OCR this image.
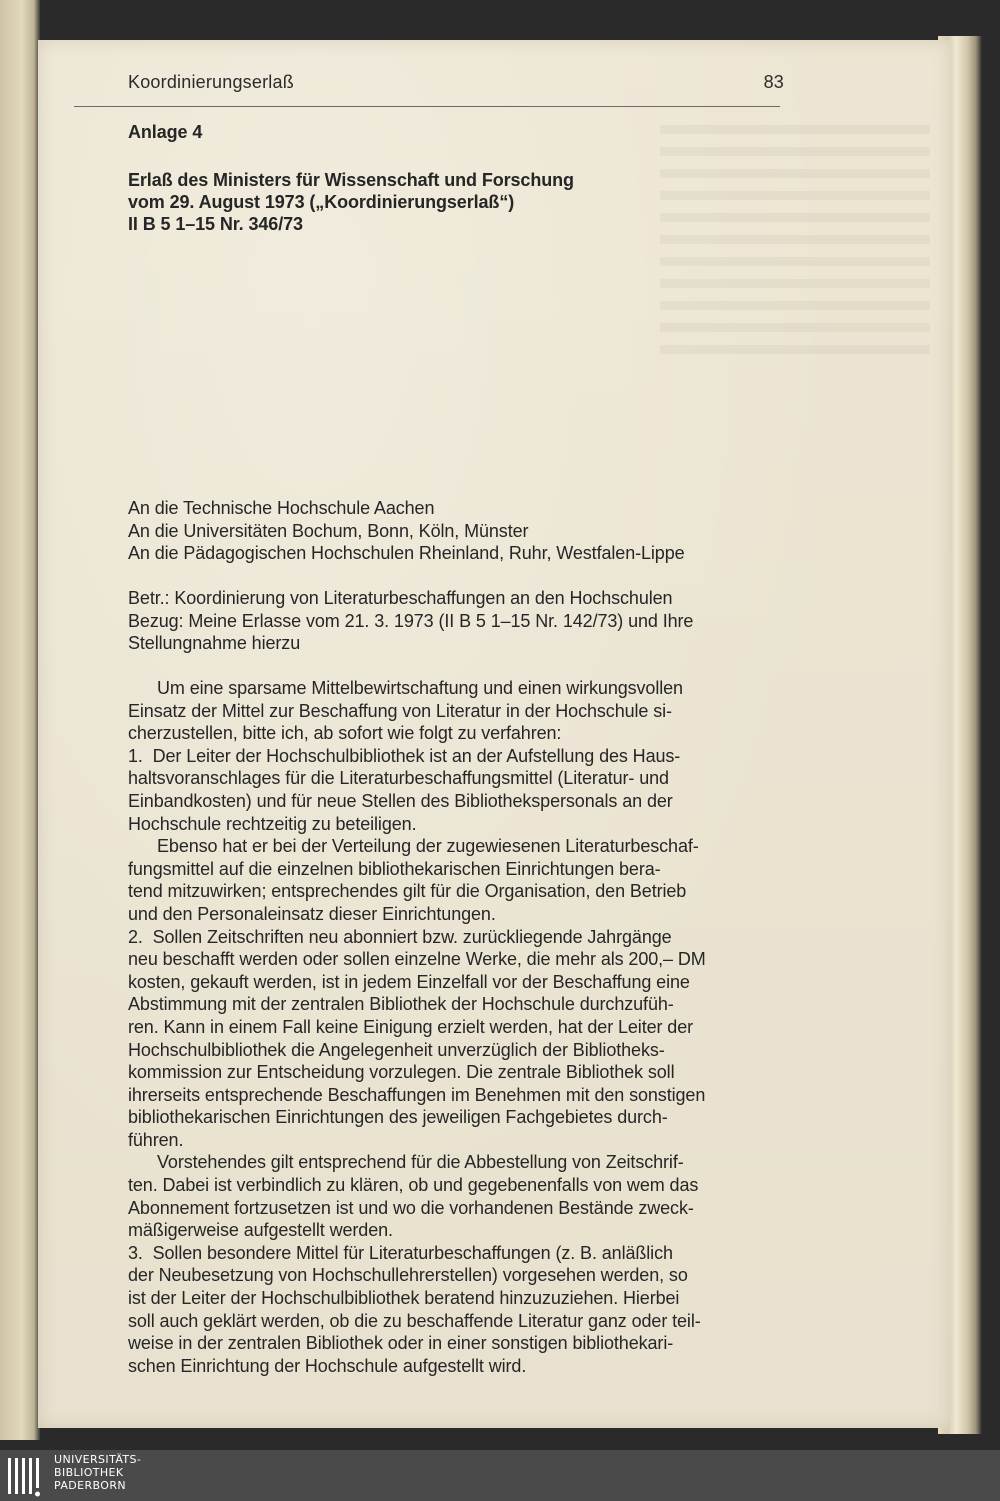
Koordinierungserlaß	83
Anlage 4
Erlaß des Ministers für Wissenschaft und Forschung
vom 29. August 1973 („Koordinierungserlaß“)
II B 5 1–15 Nr. 346/73
An die Technische Hochschule Aachen
An die Universitäten Bochum, Bonn, Köln, Münster
An die Pädagogischen Hochschulen Rheinland, Ruhr, Westfalen-Lippe
Betr.: Koordinierung von Literaturbeschaffungen an den Hochschulen
Bezug: Meine Erlasse vom 21. 3. 1973 (II B 5 1–15 Nr. 142/73) und Ihre
Stellungnahme hierzu
Um eine sparsame Mittelbewirtschaftung und einen wirkungsvollen
Einsatz der Mittel zur Beschaffung von Literatur in der Hochschule si-
cherzustellen, bitte ich, ab sofort wie folgt zu verfahren:
1.  Der Leiter der Hochschulbibliothek ist an der Aufstellung des Haus-
haltsvoranschlages für die Literaturbeschaffungsmittel (Literatur- und
Einbandkosten) und für neue Stellen des Bibliothekspersonals an der
Hochschule rechtzeitig zu beteiligen.
Ebenso hat er bei der Verteilung der zugewiesenen Literaturbeschaf-
fungsmittel auf die einzelnen bibliothekarischen Einrichtungen bera-
tend mitzuwirken; entsprechendes gilt für die Organisation, den Betrieb
und den Personaleinsatz dieser Einrichtungen.
2.  Sollen Zeitschriften neu abonniert bzw. zurückliegende Jahrgänge
neu beschafft werden oder sollen einzelne Werke, die mehr als 200,– DM
kosten, gekauft werden, ist in jedem Einzelfall vor der Beschaffung eine
Abstimmung mit der zentralen Bibliothek der Hochschule durchzufüh-
ren. Kann in einem Fall keine Einigung erzielt werden, hat der Leiter der
Hochschulbibliothek die Angelegenheit unverzüglich der Bibliotheks-
kommission zur Entscheidung vorzulegen. Die zentrale Bibliothek soll
ihrerseits entsprechende Beschaffungen im Benehmen mit den sonstigen
bibliothekarischen Einrichtungen des jeweiligen Fachgebietes durch-
führen.
Vorstehendes gilt entsprechend für die Abbestellung von Zeitschrif-
ten. Dabei ist verbindlich zu klären, ob und gegebenenfalls von wem das
Abonnement fortzusetzen ist und wo die vorhandenen Bestände zweck-
mäßigerweise aufgestellt werden.
3.  Sollen besondere Mittel für Literaturbeschaffungen (z. B. anläßlich
der Neubesetzung von Hochschullehrerstellen) vorgesehen werden, so
ist der Leiter der Hochschulbibliothek beratend hinzuzuziehen. Hierbei
soll auch geklärt werden, ob die zu beschaffende Literatur ganz oder teil-
weise in der zentralen Bibliothek oder in einer sonstigen bibliothekari-
schen Einrichtung der Hochschule aufgestellt wird.
UNIVERSITÄTS-
BIBLIOTHEK
PADERBORN
